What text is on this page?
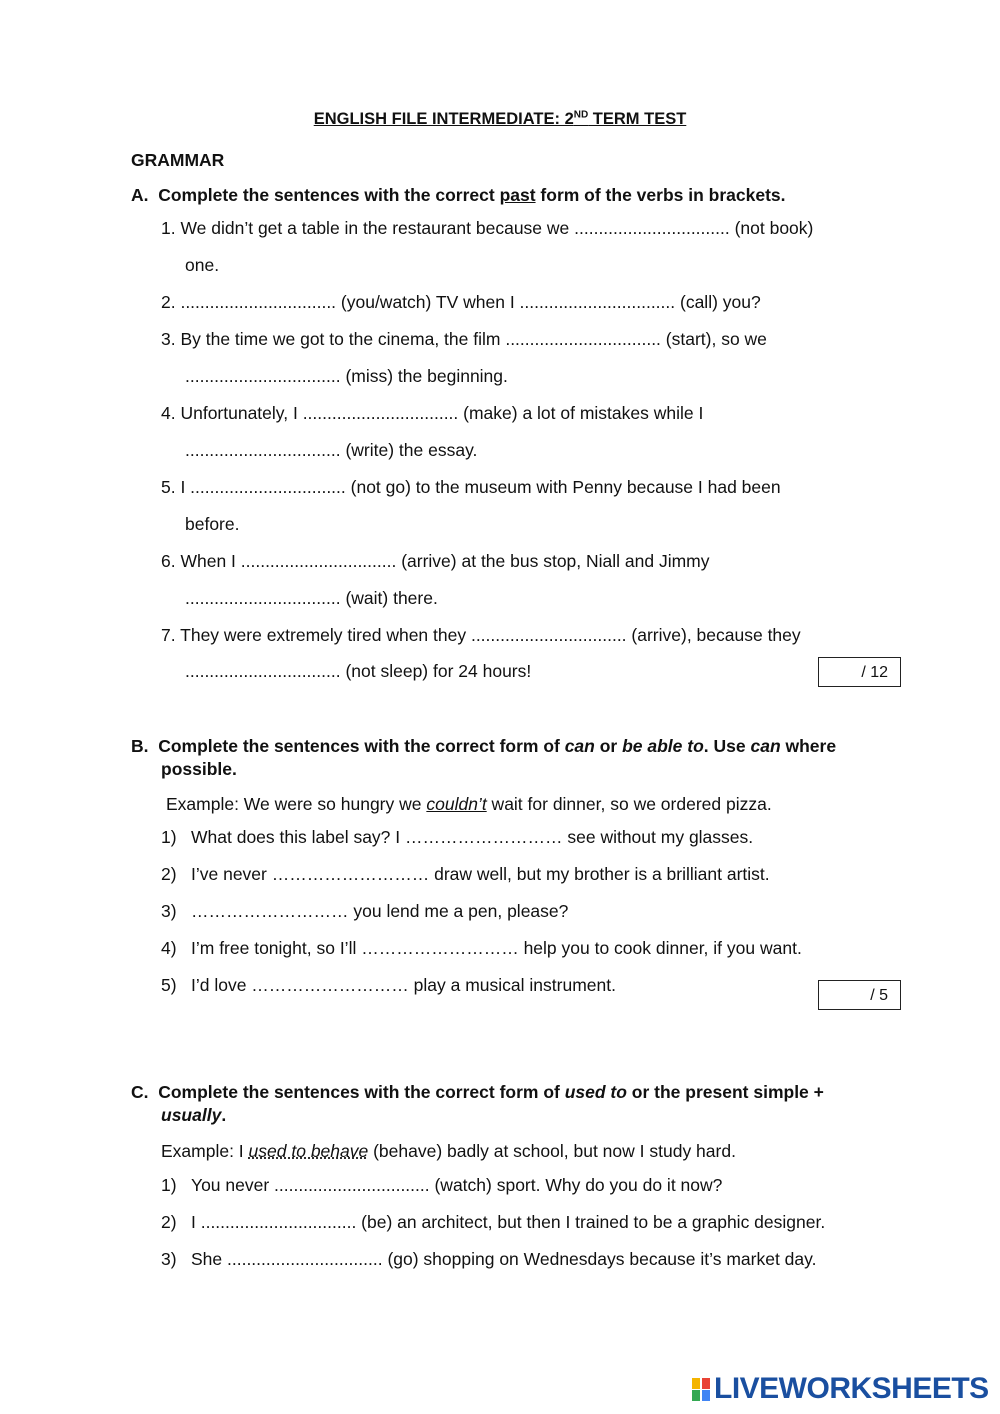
ENGLISH FILE INTERMEDIATE: 2ND TERM TEST
GRAMMAR
A. Complete the sentences with the correct past form of the verbs in brackets.
1. We didn’t get a table in the restaurant because we ................................ (not book)
one.
2. ................................ (you/watch) TV when I ................................ (call) you?
3. By the time we got to the cinema, the film ................................ (start), so we
................................ (miss) the beginning.
4. Unfortunately, I ................................ (make) a lot of mistakes while I
................................ (write) the essay.
5. I ................................ (not go) to the museum with Penny because I had been
before.
6. When I ................................ (arrive) at the bus stop, Niall and Jimmy
................................ (wait) there.
7. They were extremely tired when they ................................ (arrive), because they
................................ (not sleep) for 24 hours!	/ 12
B. Complete the sentences with the correct form of can or be able to. Use can where
possible.
Example: We were so hungry we couldn’t wait for dinner, so we ordered pizza.
1) What does this label say? I ……………………… see without my glasses.
2) I’ve never ……………………… draw well, but my brother is a brilliant artist.
3) ……………………… you lend me a pen, please?
4) I’m free tonight, so I’ll ……………………… help you to cook dinner, if you want.
5) I’d love ……………………… play a musical instrument.
/ 5
C. Complete the sentences with the correct form of used to or the present simple +
usually.
Example: I used to behave (behave) badly at school, but now I study hard.
1) You never ................................ (watch) sport. Why do you do it now?
2) I ................................ (be) an architect, but then I trained to be a graphic designer.
3) She ................................ (go) shopping on Wednesdays because it’s market day.
LIVEWORKSHEETS
